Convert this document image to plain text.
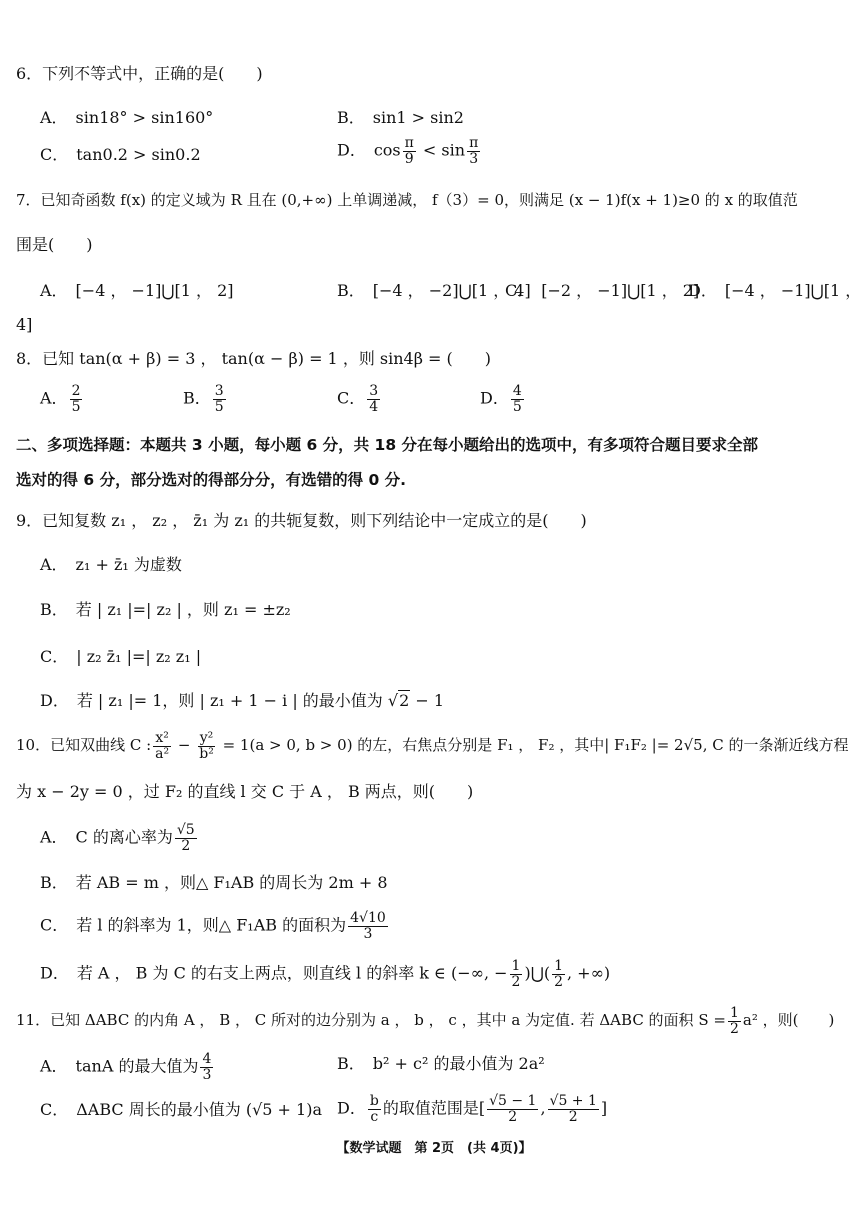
6．下列不等式中，正确的是(　　)
A．　sin18° > sin160°	B．　sin1 > sin2
C．　tan0.2 > sin0.2	D．　$\cos \frac{\pi}{9} < \sin \frac{\pi}{3}$
7．已知奇函数 f(x) 的定义域为 R 且在 (0,+∞) 上单调递减， f（3）= 0，则满足 (x − 1)f(x + 1)≥0 的 x 的取值范
围是(　　)
A．　[−4 ， −1]⋃[1 ， 2]	B．　[−4 ， −2]⋃[1 ， 4]
C．　[−2 ， −1]⋃[1 ， 2]
D．　[−4 ， −1]⋃[1 ，
4]
8．已知 tan(α + β) = 3 ， tan(α − β) = 1 ，则 sin4β = (　　)
A． $\frac{2}{5}$	B． $\frac{3}{5}$	C． $\frac{3}{4}$	D． $\frac{4}{5}$
二、多项选择题：本题共 3 小题，每小题 6 分，共 18 分在每小题给出的选项中，有多项符合题目要求全部
选对的得 6 分，部分选对的得部分分，有选错的得 0 分.
9．已知复数 z₁ ， z₂ ， z̄₁ 为 z₁ 的共轭复数，则下列结论中一定成立的是(　　)
A．　z₁ + z̄₁ 为虚数
B．　若 | z₁ |=| z₂ | ，则 z₁ = ±z₂
C．　| z₂ z̄₁ |=| z₂ z₁ |
D．　若 | z₁ |= 1，则 | z₁ + 1 − i | 的最小值为 √2 − 1
10．已知双曲线 C : $\frac{\text{x²}}{\text{a²}} - \frac{\text{y²}}{\text{b²}} = 1(a > 0$, b > 0) 的左，右焦点分别是 F₁ ， F₂ ，其中| F₁F₂ |= 2√5, C 的一条渐近线方程
为 x − 2y = 0 ，过 F₂ 的直线 l 交 C 于 A ， B 两点，则(　　)
A．　C 的离心率为 $\frac{√5}{2}$
B．　若 AB = m ，则△ F₁AB 的周长为 2m + 8
C．　若 l 的斜率为 1，则△ F₁AB 的面积为 $\frac{4√10}{3}$
D．　若 A ， B 为 C 的右支上两点，则直线 l 的斜率 k ∈ (−∞, − $\frac{1}{2}$ )⋃( $\frac{1}{2}$ , +∞)
11．已知 ΔABC 的内角 A ， B ， C 所对的边分别为 a ， b ， c ，其中 a 为定值. 若 ΔABC 的面积 $S = \frac{1}{2} a^2$ ，则(　　)
A．　tanA 的最大值为 $\frac{4}{3}$	B．　b² + c² 的最小值为 2a²
C．　ΔABC 周长的最小值为 (√5 + 1)a D． $\frac{b}{c}$ 的取值范围是[ $\frac{√5 - 1}{2}$ , $\frac{√5 + 1}{2}$ ]
【数学试题　第 2页　(共 4页)】
